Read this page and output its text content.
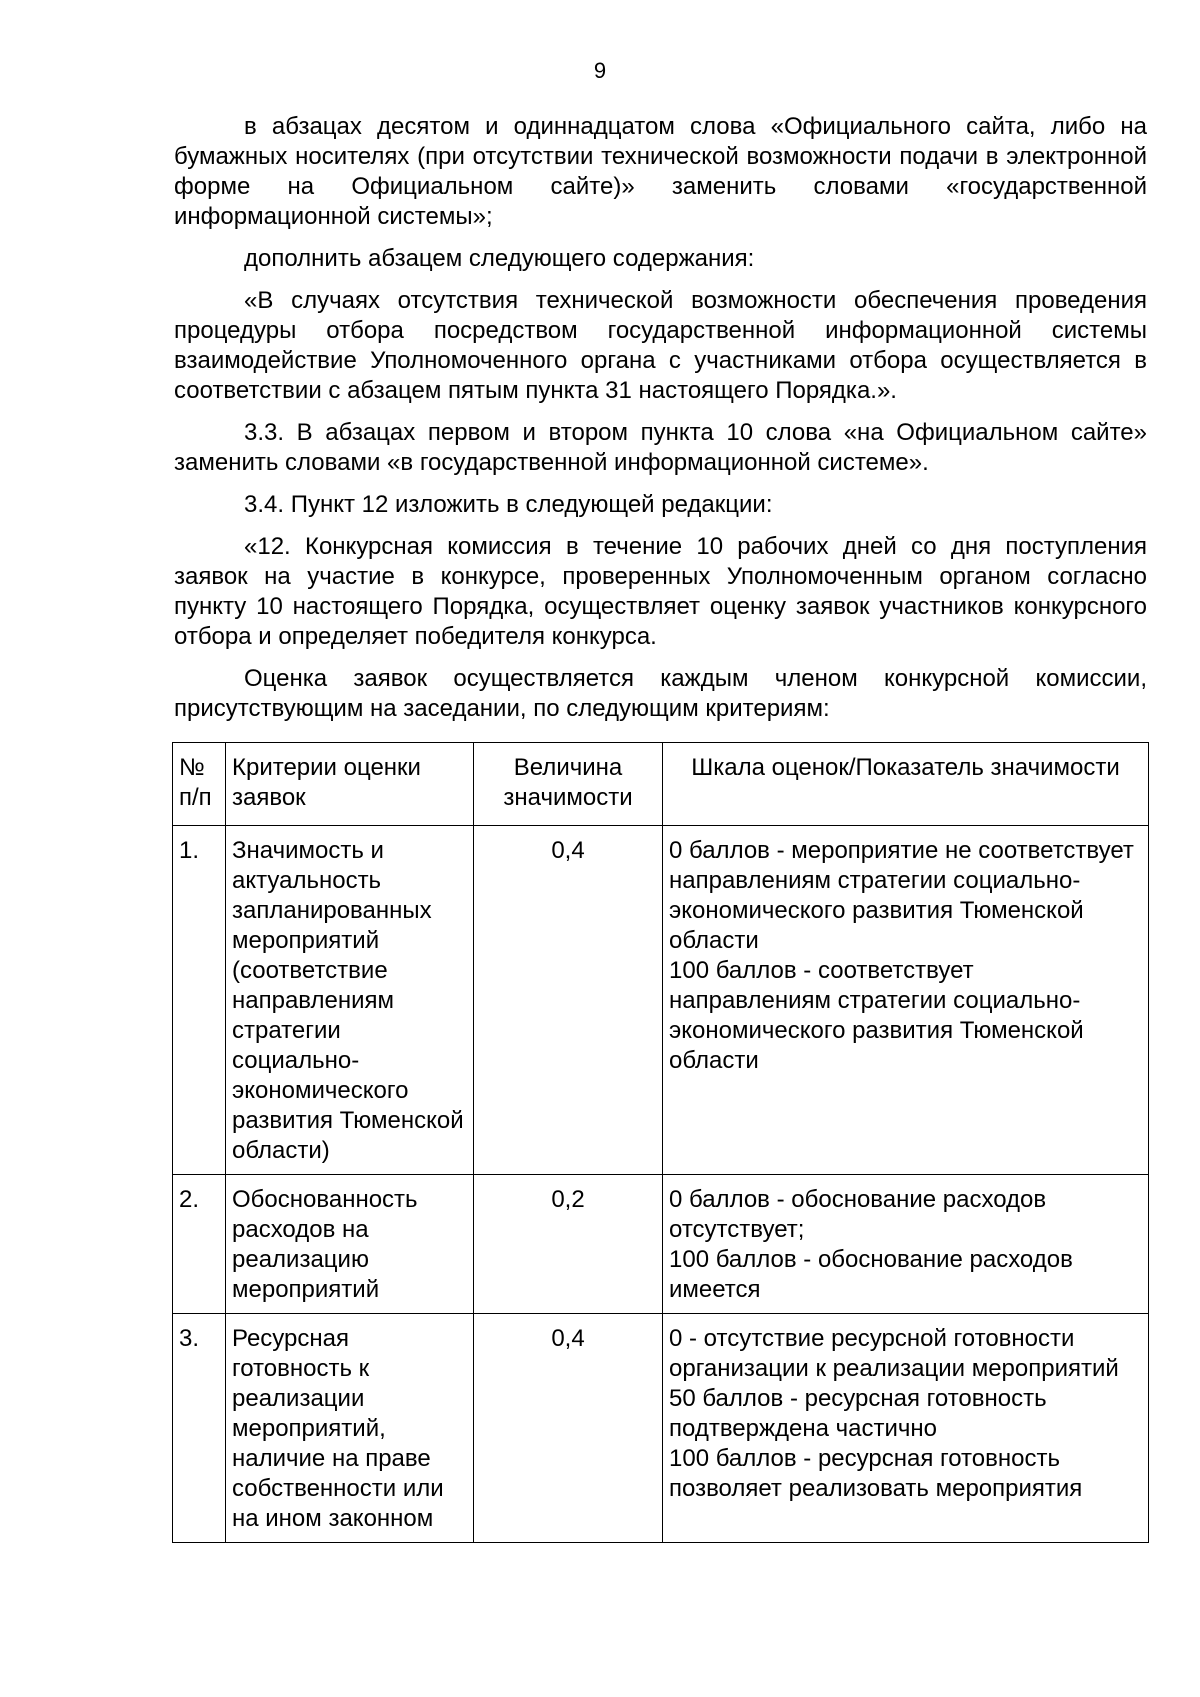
9

в абзацах десятом и одиннадцатом слова «Официального сайта, либо на бумажных носителях (при отсутствии технической возможности подачи в электронной форме на Официальном сайте)» заменить словами «государственной информационной системы»;

дополнить абзацем следующего содержания:

«В случаях отсутствия технической возможности обеспечения проведения процедуры отбора посредством государственной информационной системы взаимодействие Уполномоченного органа с участниками отбора осуществляется в соответствии с абзацем пятым пункта 31 настоящего Порядка.».

3.3. В абзацах первом и втором пункта 10 слова «на Официальном сайте» заменить словами «в государственной информационной системе».

3.4. Пункт 12 изложить в следующей редакции:

«12. Конкурсная комиссия в течение 10 рабочих дней со дня поступления заявок на участие в конкурсе, проверенных Уполномоченным органом согласно пункту 10 настоящего Порядка, осуществляет оценку заявок участников конкурсного отбора и определяет победителя конкурса.

Оценка заявок осуществляется каждым членом конкурсной комиссии, присутствующим на заседании, по следующим критериям:

№ п/п	Критерии оценки заявок	Величина значимости	Шкала оценок/Показатель значимости
1.	Значимость и актуальность запланированных мероприятий (соответствие направлениям стратегии социально-экономического развития Тюменской области)	0,4	0 баллов - мероприятие не соответствует направлениям стратегии социально-экономического развития Тюменской области
100 баллов - соответствует направлениям стратегии социально-экономического развития Тюменской области

2.	Обоснованность расходов на реализацию мероприятий	0,2	0 баллов - обоснование расходов отсутствует;
100 баллов - обоснование расходов имеется

3.	Ресурсная готовность к реализации мероприятий, наличие на праве собственности или на ином законном	0,4	0 - отсутствие ресурсной готовности организации к реализации мероприятий
50 баллов - ресурсная готовность подтверждена частично
100 баллов - ресурсная готовность позволяет реализовать мероприятия
